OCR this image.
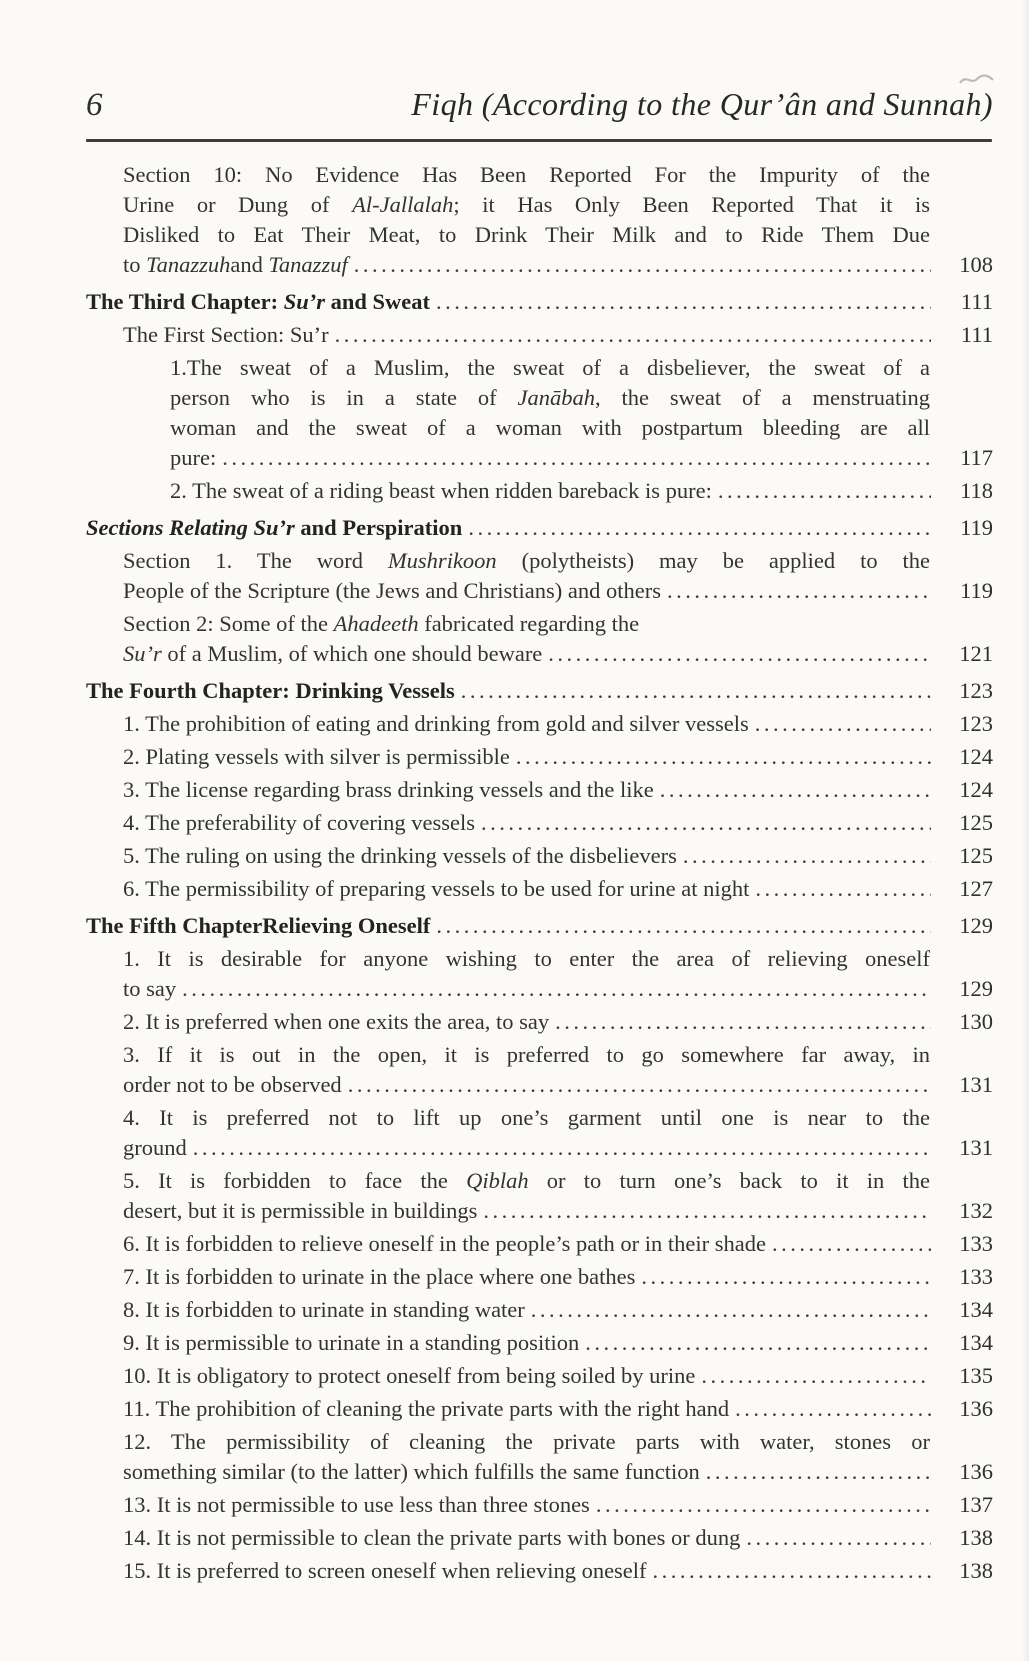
6	Fiqh (According to the Qur’ân and Sunnah)
Section 10: No Evidence Has Been Reported For the Impurity of the
Urine or Dung of Al-Jallalah; it Has Only Been Reported That it is
Disliked to Eat Their Meat, to Drink Their Milk and to Ride Them Due
to Tanazzuhand Tanazzuf .....	108
The Third Chapter: Su’r and Sweat .....	111
The First Section: Su’r .....	111
1.The sweat of a Muslim, the sweat of a disbeliever, the sweat of a
person who is in a state of Janābah, the sweat of a menstruating
woman and the sweat of a woman with postpartum bleeding are all
pure: .....	117
2. The sweat of a riding beast when ridden bareback is pure: .....	118
Sections Relating Su’r and Perspiration .....	119
Section 1. The word Mushrikoon (polytheists) may be applied to the
People of the Scripture (the Jews and Christians) and others .....	119
Section 2: Some of the Ahadeeth fabricated regarding the
Su’r of a Muslim, of which one should beware .....	121
The Fourth Chapter: Drinking Vessels .....	123
1. The prohibition of eating and drinking from gold and silver vessels .....	123
2. Plating vessels with silver is permissible .....	124
3. The license regarding brass drinking vessels and the like .....	124
4. The preferability of covering vessels .....	125
5. The ruling on using the drinking vessels of the disbelievers .....	125
6. The permissibility of preparing vessels to be used for urine at night .....	127
The Fifth ChapterRelieving Oneself .....	129
1. It is desirable for anyone wishing to enter the area of relieving oneself
to say .....	129
2. It is preferred when one exits the area, to say .....	130
3. If it is out in the open, it is preferred to go somewhere far away, in
order not to be observed .....	131
4. It is preferred not to lift up one’s garment until one is near to the
ground .....	131
5. It is forbidden to face the Qiblah or to turn one’s back to it in the
desert, but it is permissible in buildings .....	132
6. It is forbidden to relieve oneself in the people’s path or in their shade .....	133
7. It is forbidden to urinate in the place where one bathes .....	133
8. It is forbidden to urinate in standing water .....	134
9. It is permissible to urinate in a standing position .....	134
10. It is obligatory to protect oneself from being soiled by urine .....	135
11. The prohibition of cleaning the private parts with the right hand .....	136
12. The permissibility of cleaning the private parts with water, stones or
something similar (to the latter) which fulfills the same function .....	136
13. It is not permissible to use less than three stones .....	137
14. It is not permissible to clean the private parts with bones or dung .....	138
15. It is preferred to screen oneself when relieving oneself .....	138
